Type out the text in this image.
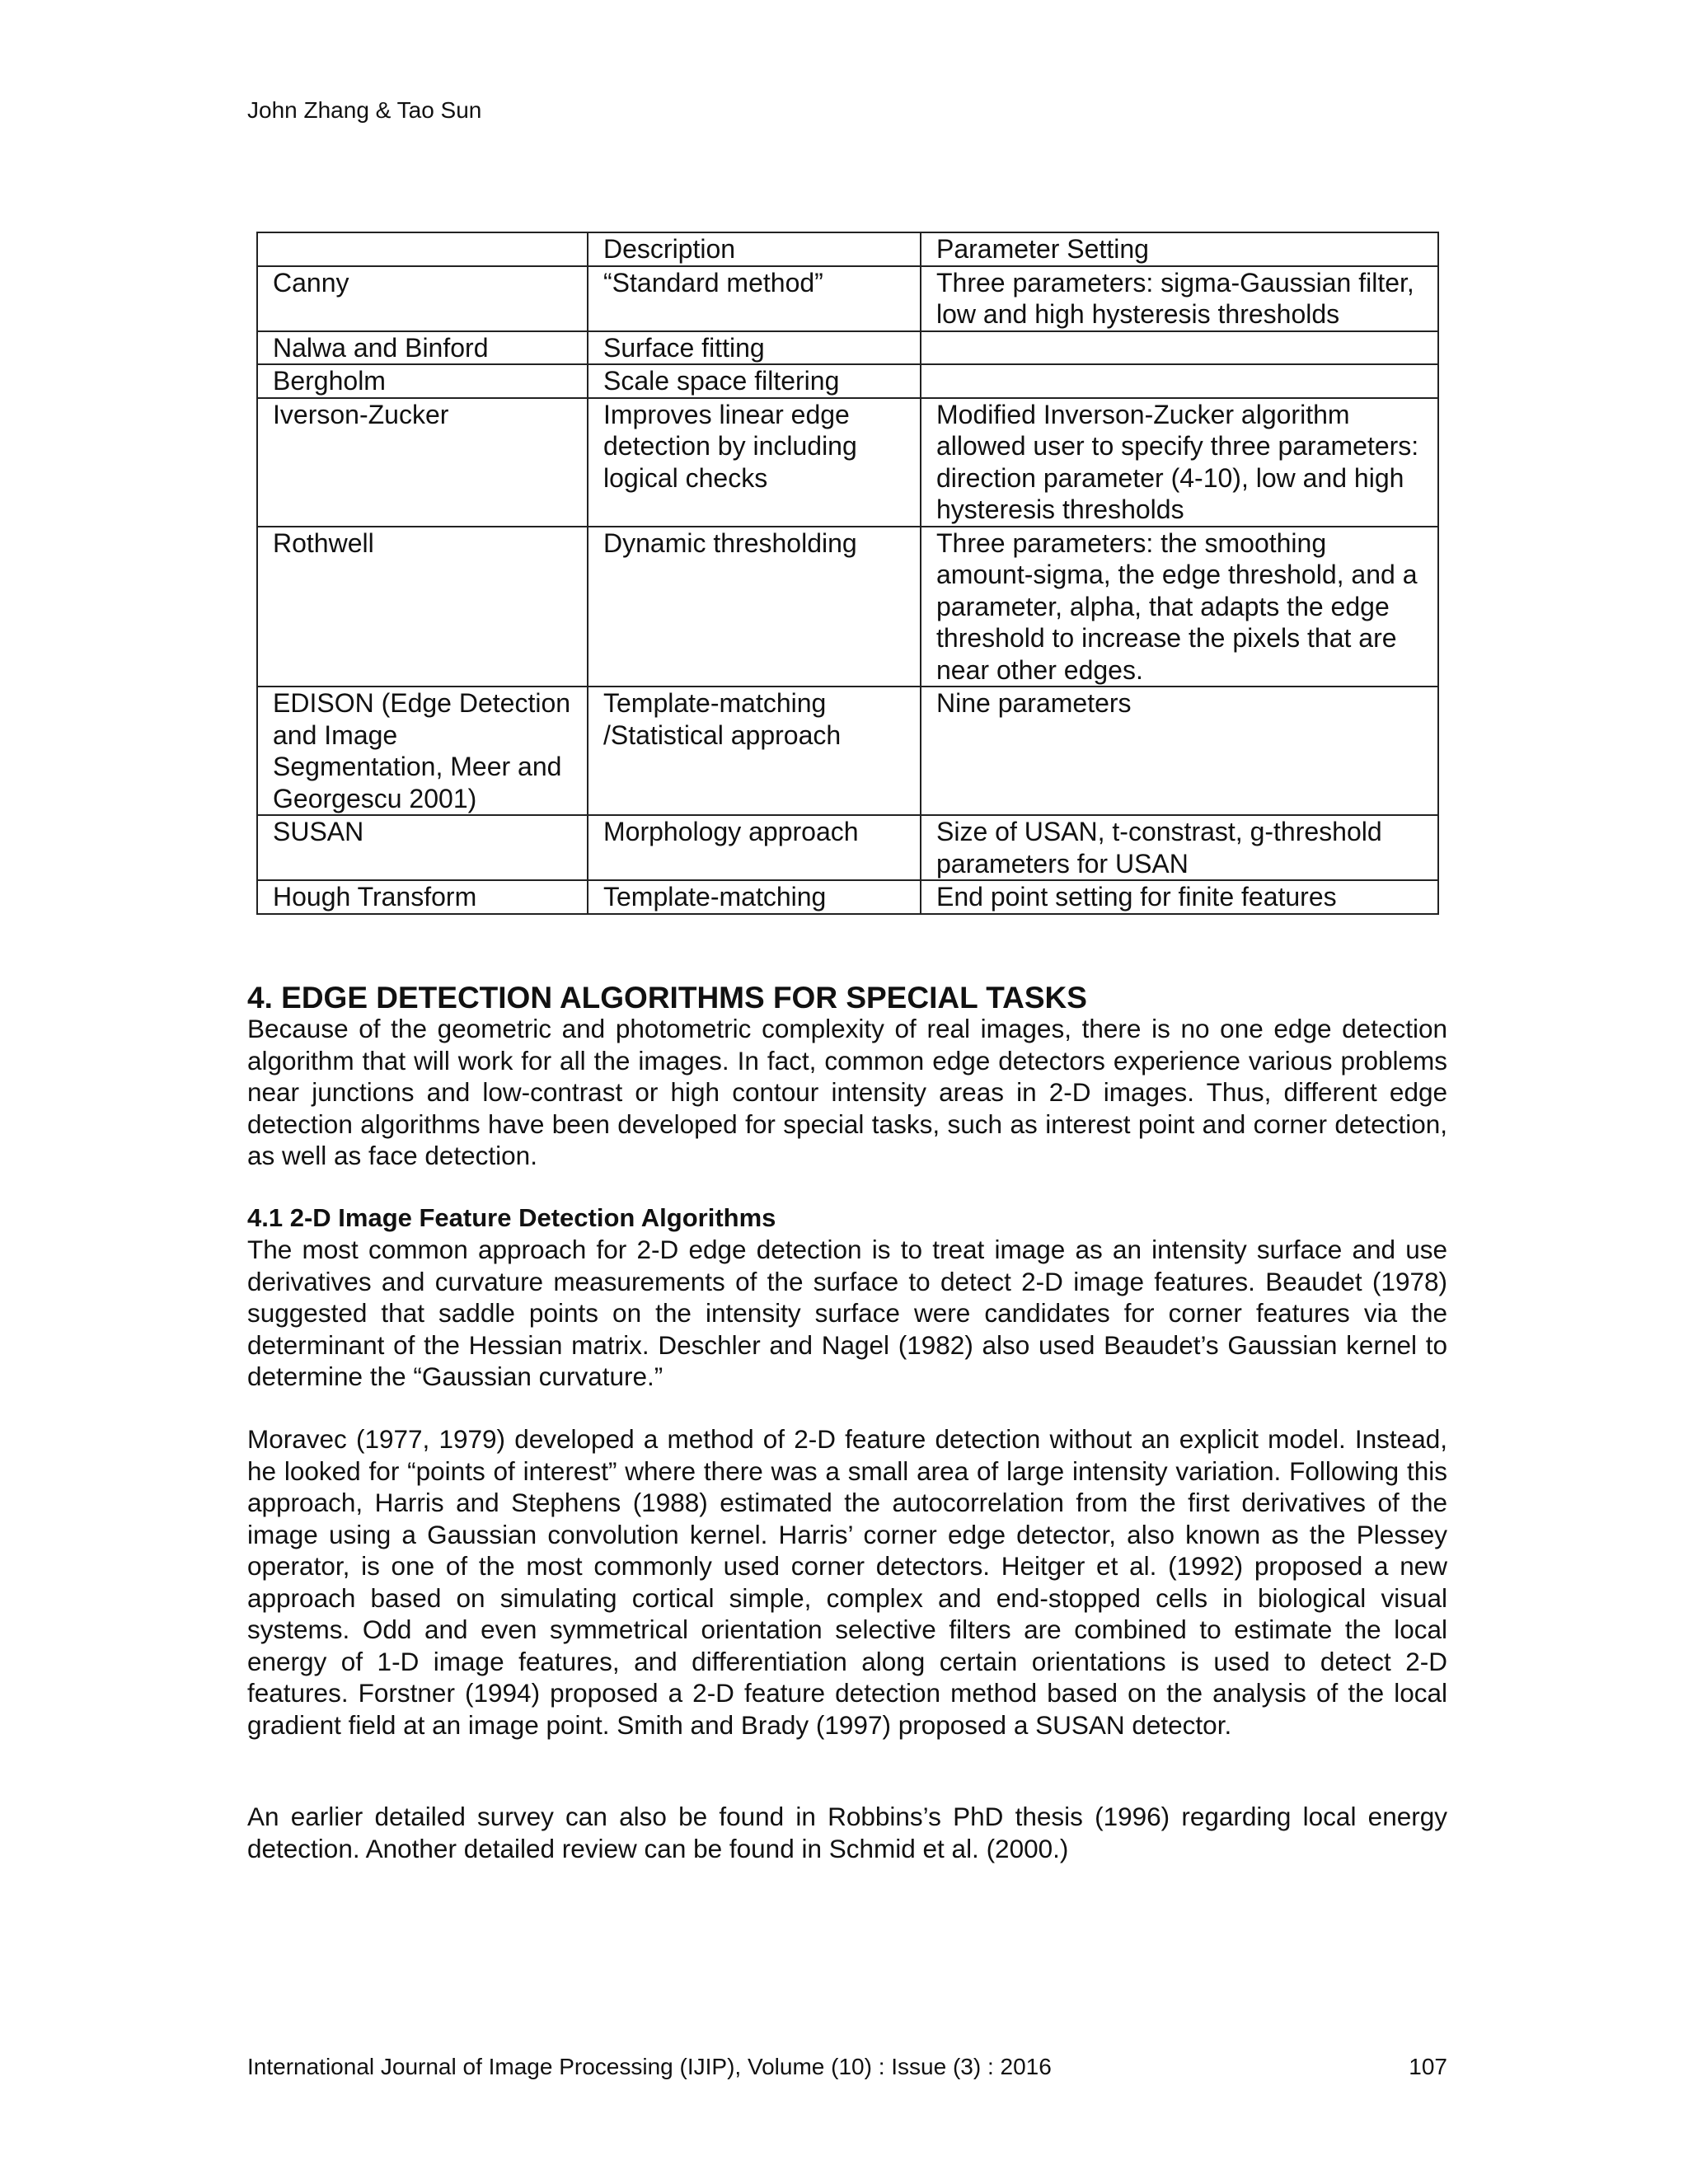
John Zhang & Tao Sun
	Description	Parameter Setting
Canny	“Standard method”	Three parameters: sigma-Gaussian filter, low and high hysteresis thresholds
Nalwa and Binford	Surface fitting	
Bergholm	Scale space filtering	
Iverson-Zucker	Improves linear edge detection by including logical checks	Modified Inverson-Zucker algorithm allowed user to specify three parameters: direction parameter (4-10), low and high hysteresis thresholds
Rothwell	Dynamic thresholding	Three parameters: the smoothing amount-sigma, the edge threshold, and a parameter, alpha, that adapts the edge threshold to increase the pixels that are near other edges.
EDISON (Edge Detection and Image Segmentation, Meer and Georgescu 2001)	Template-matching /Statistical approach	Nine parameters
SUSAN	Morphology approach	Size of USAN, t-constrast, g-threshold parameters for USAN
Hough Transform	Template-matching	End point setting for finite features
4. EDGE DETECTION ALGORITHMS FOR SPECIAL TASKS

Because of the geometric and photometric complexity of real images, there is no one edge detection algorithm that will work for all the images. In fact, common edge detectors experience various problems near junctions and low-contrast or high contour intensity areas in 2-D images. Thus, different edge detection algorithms have been developed for special tasks, such as interest point and corner detection, as well as face detection.

4.1 2-D Image Feature Detection Algorithms

The most common approach for 2-D edge detection is to treat image as an intensity surface and use derivatives and curvature measurements of the surface to detect 2-D image features. Beaudet (1978) suggested that saddle points on the intensity surface were candidates for corner features via the determinant of the Hessian matrix. Deschler and Nagel (1982) also used Beaudet’s Gaussian kernel to determine the “Gaussian curvature.”

Moravec (1977, 1979) developed a method of 2-D feature detection without an explicit model. Instead, he looked for “points of interest” where there was a small area of large intensity variation. Following this approach, Harris and Stephens (1988) estimated the autocorrelation from the first derivatives of the image using a Gaussian convolution kernel. Harris’ corner edge detector, also known as the Plessey operator, is one of the most commonly used corner detectors. Heitger et al. (1992) proposed a new approach based on simulating cortical simple, complex and end-stopped cells in biological visual systems. Odd and even symmetrical orientation selective filters are combined to estimate the local energy of 1-D image features, and differentiation along certain orientations is used to detect 2-D features. Forstner (1994) proposed a 2-D feature detection method based on the analysis of the local gradient field at an image point. Smith and Brady (1997) proposed a SUSAN detector.

An earlier detailed survey can also be found in Robbins’s PhD thesis (1996) regarding local energy detection. Another detailed review can be found in Schmid et al. (2000.)

International Journal of Image Processing (IJIP), Volume (10) : Issue (3) : 2016	107
